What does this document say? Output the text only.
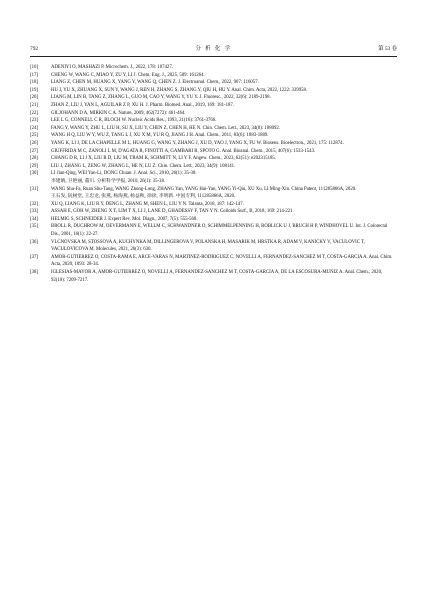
792	分 析 化 学	第 53 卷
[16]	ADENIYI O, MASHAZI P. Microchem. J., 2022, 178: 107427.
[17]	CHENG W, WANG C, MIAO Y, ZU Y, LI J. Chem. Eng. J., 2025, 509: 161264.
[18]	LIANG Z, CHEN M, HUANG X, YANG Y, WANG Q, CHEN Z. J. Electroanal. Chem., 2022, 907: 116057.
[19]	HU J, YU X, ZHUANG X, SUN Y, WANG J, REN H, ZHANG S, ZHANG Y, QIU H, HU Y. Anal. Chim. Acta, 2022, 1222: 339958.
[20]	LIANG M, LIN B, TANG Z, ZHANG L, GUO M, CAO Y, WANG Y, YU Y. J. Fluoresc., 2022, 32(6): 2189-2198.
[21]	ZHAN Z, LIU J, YAN L, AGUILAR Z P, XU H. J. Pharm. Biomed. Anal., 2019, 169: 181-187.
[22]	GILJOHANN D A, MIRKIN C A. Nature, 2009, 462(7272): 461-464.
[23]	LEE L G, CONNELL C R, BLOCH W. Nucleic Acids Res., 1993, 21(16): 3761-3766.
[24]	FANG Y, WANG Y, ZHU L, LIU H, SU X, LIU Y, CHEN Z, CHEN H, HE N. Chin. Chem. Lett., 2023, 34(8): 108092.
[25]	WANG H Q, LIU W Y, WU Z, TANG L J, XU X M, YU R Q, JIANG J H. Anal. Chem., 2011, 83(6): 1883-1889.
[26]	YANG K, LI J, DE LA CHAPELLE M L, HUANG G, WANG Y, ZHANG J, XU D, YAO J, YANG X, FU W. Biosens. Bioelectron., 2021, 175: 112874.
[27]	GIUFFRIDA M C, ZANOLI L M, D'AGATA R, FINOTTI A, GAMBARI R, SPOTO G. Anal. Bioanal. Chem., 2015, 407(6): 1533-1543.
[28]	CHANG D R, LI J X, LIU R D, LIU M, TRAM K, SCHMITT N, LI Y F. Angew. Chem., 2023, 62(51): e202315185.
[29]	LIU J, ZHANG L, ZENG W, ZHANG L, HE N, LU Z. Chin. Chem. Lett., 2023, 34(9): 108141.
[30]	LI Jian-Qing, WEI Yan-Li, DONG Chuan. J. Anal. Sci., 2010, 26(1): 35-38.
李建晴, 卫艳丽, 董川. 分析科学学报, 2010, 26(1): 35-38.
[31]	WANG Shu-Fa, Ruan Shu-Tang, WANG Zhong-Long, ZHANG Yan, YANG Hai-Yan, YANG Yi-Qiu, XU Xu, LI Ming-Xin. China Patent, 111285866A, 2020.
王石发, 阮树堂, 王忠龙, 张燕, 杨海燕, 杨益秋, 徐徐, 李明新. 中国专利, 111285866A, 2020.
[32]	XU Q, LIANG K, LIU R Y, DENG L, ZHANG M, SHEN L, LIU Y N. Talanta, 2018, 187: 142-147.
[33]	ASSAH E, GOH W, ZHENG X T, LIM T X, LI J, LANE D, GHADESSY F, TAN Y N. Colloids Surf., B, 2018, 169: 214-221.
[34]	HELMIG S, SCHNEIDER J. Expert Rev. Mol. Diagn., 2007, 7(5): 555-568.
[35]	BROLL R, DUCHROW M, OEVERMANN E, WELLM C, SCHWANDNER O, SCHIMMELPENNING H, ROBLICK U J, BRUCH H P, WINDHOVEL U. Int. J. Colorectal Dis., 2001, 16(1): 22-27.
[36]	VLCNOVSKA M, STOSSOVA A, KUCHYNKA M, DILLINGEROVA V, POLANSKA H, MASARIK M, HRSTKA R, ADAM V, KANICKY V, VACULOVIC T, VACULOVICOVA M. Molecules, 2021, 26(3): 630.
[37]	AMOR-GUTIERREZ O, COSTA-RAMA E, ARCE-VARAS N, MARTINEZ-RODRIGUEZ C, NOVELLI A, FERNANDEZ-SANCHEZ M T, COSTA-GARCIA A. Anal. Chim. Acta, 2020, 1093: 28-34.
[38]	IGLESIAS-MAYOR A, AMOR-GUTIERREZ O, NOVELLI A, FERNANDEZ-SANCHEZ M T, COSTA-GARCIA A, DE LA ESCOSURA-MUNIZ A. Anal. Chem., 2020, 92(10): 7209-7217.
